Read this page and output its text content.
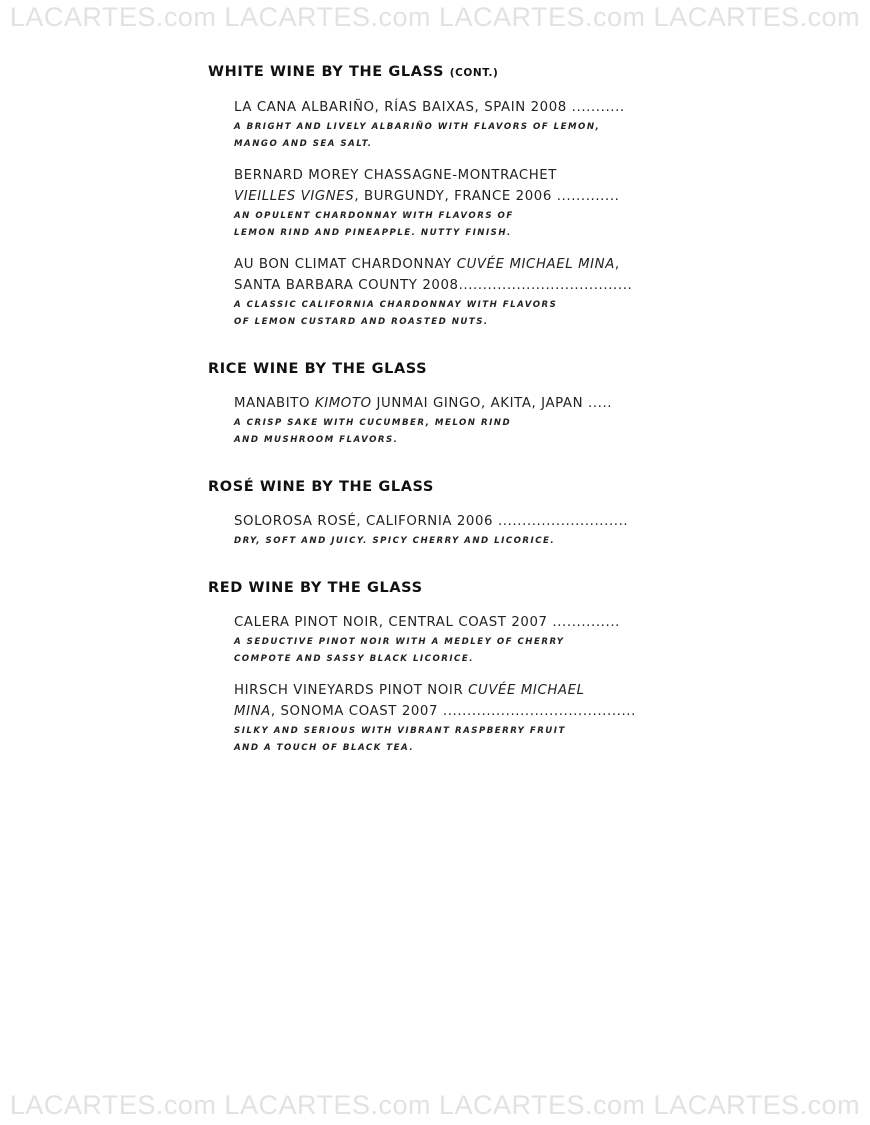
LACARTES.com LACARTES.com LACARTES.com LACARTES.com
WHITE WINE BY THE GLASS (CONT.)
LA CANA ALBARIÑO, RÍAS BAIXAS, SPAIN 2008 ...........
A BRIGHT AND LIVELY ALBARIÑO WITH FLAVORS OF LEMON,
MANGO AND SEA SALT.
BERNARD MOREY CHASSAGNE-MONTRACHET
VIEILLES VIGNES, BURGUNDY, FRANCE 2006 .............
AN OPULENT CHARDONNAY WITH FLAVORS OF
LEMON RIND AND PINEAPPLE. NUTTY FINISH.
AU BON CLIMAT CHARDONNAY CUVÉE MICHAEL MINA,
SANTA BARBARA COUNTY 2008....................................
A CLASSIC CALIFORNIA CHARDONNAY WITH FLAVORS
OF LEMON CUSTARD AND ROASTED NUTS.
RICE WINE BY THE GLASS
MANABITO KIMOTO JUNMAI GINGO, AKITA, JAPAN .....
A CRISP SAKE WITH CUCUMBER, MELON RIND
AND MUSHROOM FLAVORS.
ROSÉ WINE BY THE GLASS
SOLOROSA ROSÉ, CALIFORNIA 2006 ...........................
DRY, SOFT AND JUICY. SPICY CHERRY AND LICORICE.
RED WINE BY THE GLASS
CALERA PINOT NOIR, CENTRAL COAST 2007 ..............
A SEDUCTIVE PINOT NOIR WITH A MEDLEY OF CHERRY
COMPOTE AND SASSY BLACK LICORICE.
HIRSCH VINEYARDS PINOT NOIR CUVÉE MICHAEL
MINA, SONOMA COAST 2007 ........................................
SILKY AND SERIOUS WITH VIBRANT RASPBERRY FRUIT
AND A TOUCH OF BLACK TEA.
LACARTES.com LACARTES.com LACARTES.com LACARTES.com
